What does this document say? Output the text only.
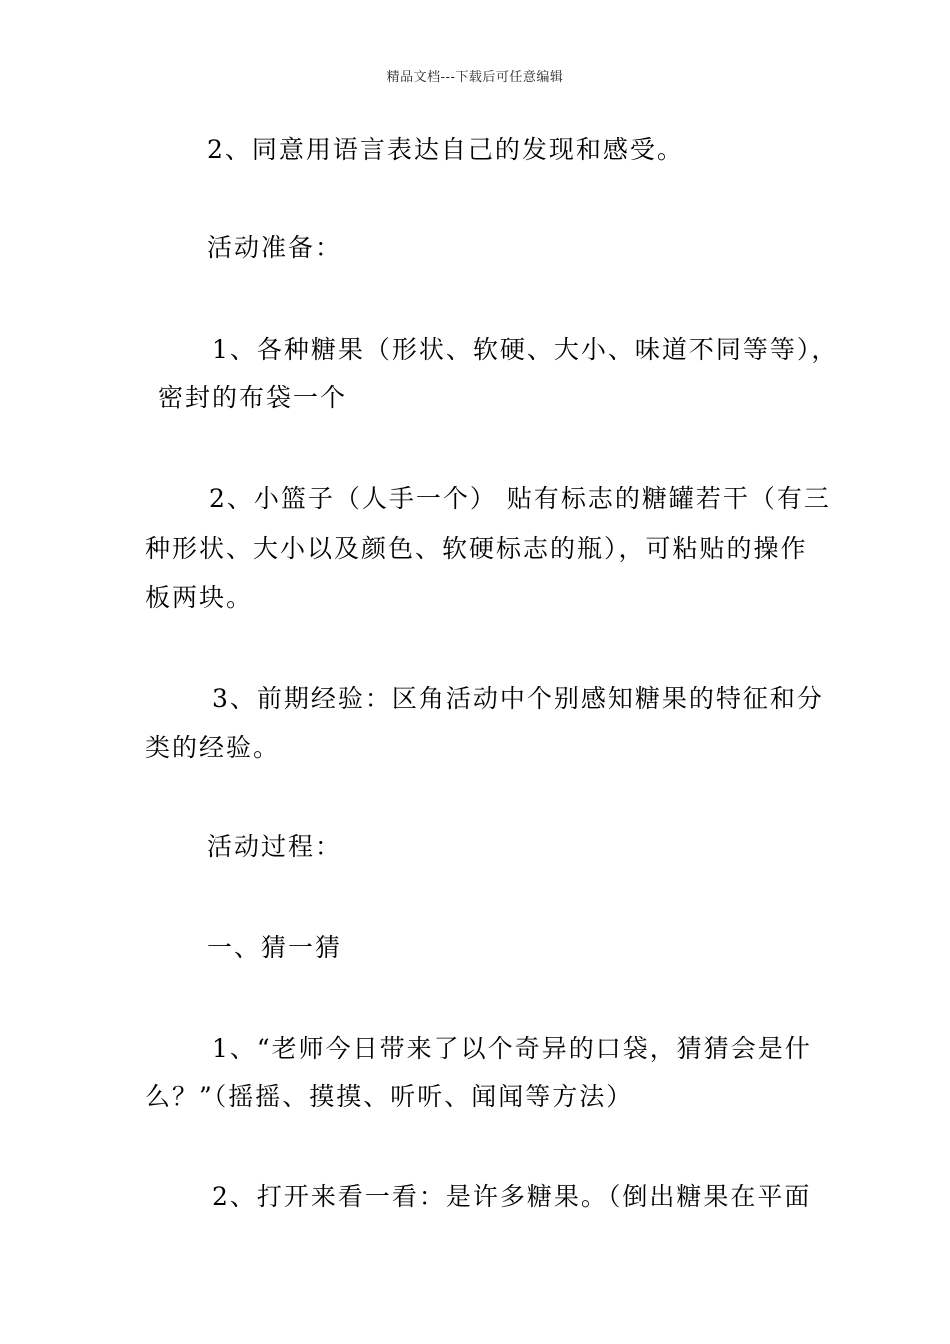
精品文档---下载后可任意编辑
2、同意用语言表达自己的发现和感受。
活动准备：
1、各种糖果（形状、软硬、大小、味道不同等等），
密封的布袋一个
2、小篮子（人手一个） 贴有标志的糖罐若干（有三
种形状、大小以及颜色、软硬标志的瓶），可粘贴的操作
板两块。
3、前期经验：区角活动中个别感知糖果的特征和分
类的经验。
活动过程：
一、猜一猜
1、“老师今日带来了以个奇异的口袋，猜猜会是什
么？”（摇摇、摸摸、听听、闻闻等方法）
2、打开来看一看：是许多糖果。（倒出糖果在平面
